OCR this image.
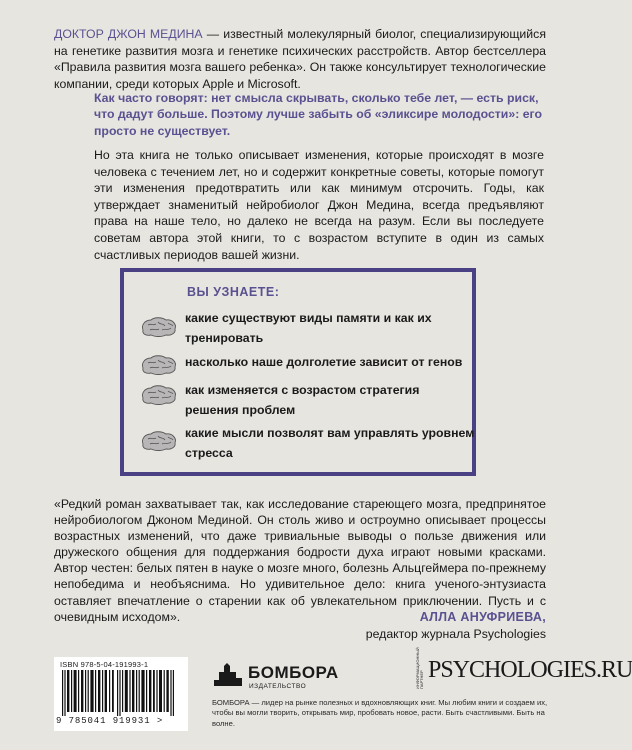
ДОКТОР ДЖОН МЕДИНА — известный молекулярный биолог, специализирующийся на генетике развития мозга и генетике психических расстройств. Автор бестселлера «Правила развития мозга вашего ребенка». Он также консультирует технологические компании, среди которых Apple и Microsoft.

Как часто говорят: нет смысла скрывать, сколько тебе лет, — есть риск, что дадут больше. Поэтому лучше забыть об «эликсире молодости»: его просто не существует.

Но эта книга не только описывает изменения, которые происходят в мозге человека с течением лет, но и содержит конкретные советы, которые помогут эти изменения предотвратить или как минимум отсрочить. Годы, как утверждает знаменитый нейробиолог Джон Медина, всегда предъявляют права на наше тело, но далеко не всегда на разум. Если вы последуете советам автора этой книги, то с возрастом вступите в один из самых счастливых периодов вашей жизни.

ВЫ УЗНАЕТЕ:
какие существуют виды памяти и как их тренировать
насколько наше долголетие зависит от генов
как изменяется с возрастом стратегия решения проблем
какие мысли позволят вам управлять уровнем стресса

«Редкий роман захватывает так, как исследование стареющего мозга, предпринятое нейробиологом Джоном Мединой. Он столь живо и остроумно описывает процессы возрастных изменений, что даже тривиальные выводы о пользе движения или дружеского общения для поддержания бодрости духа играют новыми красками. Автор честен: белых пятен в науке о мозге много, болезнь Альцгеймера по-прежнему непобедима и необъяснима. Но удивительное дело: книга ученого-энтузиаста оставляет впечатление о старении как об увлекательном приключении. Пусть и с очевидным исходом».	АЛЛА АНУФРИЕВА,
редактор журнала Psychologies
ISBN 978-5-04-191993-1
9 785041 919931 >
БОМБОРА
ИЗДАТЕЛЬСТВО	ИНФОРМАЦИОННЫЙ ПАРТНЕР PSYCHOLOGIES.RU

БОМБОРА — лидер на рынке полезных и вдохновляющих книг. Мы любим книги и создаем их, чтобы вы могли творить, открывать мир, пробовать новое, расти. Быть счастливыми. Быть на волне.
